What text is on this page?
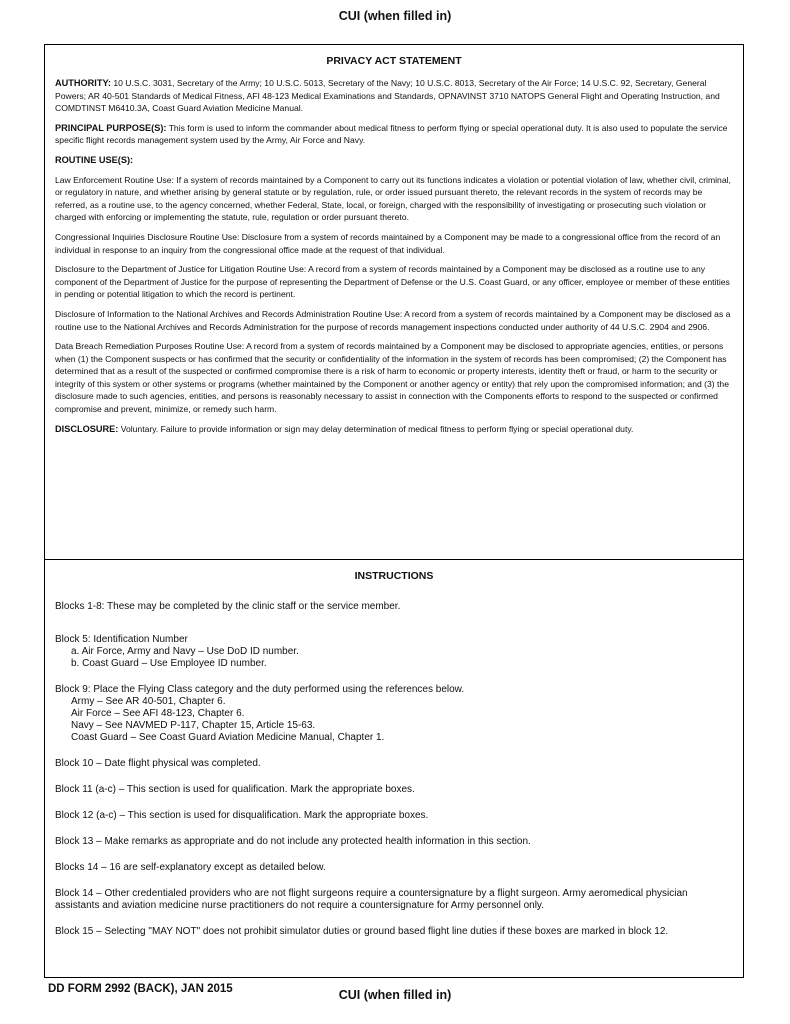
CUI (when filled in)
PRIVACY ACT STATEMENT

AUTHORITY: 10 U.S.C. 3031, Secretary of the Army; 10 U.S.C. 5013, Secretary of the Navy; 10 U.S.C. 8013, Secretary of the Air Force; 14 U.S.C. 92, Secretary, General Powers; AR 40-501 Standards of Medical Fitness, AFI 48-123 Medical Examinations and Standards, OPNAVINST 3710 NATOPS General Flight and Operating Instruction, and COMDTINST M6410.3A, Coast Guard Aviation Medicine Manual.

PRINCIPAL PURPOSE(S): This form is used to inform the commander about medical fitness to perform flying or special operational duty. It is also used to populate the service specific flight records management system used by the Army, Air Force and Navy.

ROUTINE USE(S):

Law Enforcement Routine Use: If a system of records maintained by a Component to carry out its functions indicates a violation or potential violation of law, whether civil, criminal, or regulatory in nature, and whether arising by general statute or by regulation, rule, or order issued pursuant thereto, the relevant records in the system of records may be referred, as a routine use, to the agency concerned, whether Federal, State, local, or foreign, charged with the responsibility of investigating or prosecuting such violation or charged with enforcing or implementing the statute, rule, regulation or order pursuant thereto.

Congressional Inquiries Disclosure Routine Use: Disclosure from a system of records maintained by a Component may be made to a congressional office from the record of an individual in response to an inquiry from the congressional office made at the request of that individual.

Disclosure to the Department of Justice for Litigation Routine Use: A record from a system of records maintained by a Component may be disclosed as a routine use to any component of the Department of Justice for the purpose of representing the Department of Defense or the U.S. Coast Guard, or any officer, employee or member of these entities in pending or potential litigation to which the record is pertinent.

Disclosure of Information to the National Archives and Records Administration Routine Use: A record from a system of records maintained by a Component may be disclosed as a routine use to the National Archives and Records Administration for the purpose of records management inspections conducted under authority of 44 U.S.C. 2904 and 2906.

Data Breach Remediation Purposes Routine Use: A record from a system of records maintained by a Component may be disclosed to appropriate agencies, entities, or persons when (1) the Component suspects or has confirmed that the security or confidentiality of the information in the system of records has been compromised; (2) the Component has determined that as a result of the suspected or confirmed compromise there is a risk of harm to economic or property interests, identity theft or fraud, or harm to the security or integrity of this system or other systems or programs (whether maintained by the Component or another agency or entity) that rely upon the compromised information; and (3) the disclosure made to such agencies, entities, and persons is reasonably necessary to assist in connection with the Components efforts to respond to the suspected or confirmed compromise and prevent, minimize, or remedy such harm.

DISCLOSURE: Voluntary. Failure to provide information or sign may delay determination of medical fitness to perform flying or special operational duty.

INSTRUCTIONS
Blocks 1-8: These may be completed by the clinic staff or the service member.
Block 5: Identification Number
a. Air Force, Army and Navy – Use DoD ID number.
b. Coast Guard – Use Employee ID number.
Block 9: Place the Flying Class category and the duty performed using the references below.
Army – See AR 40-501, Chapter 6.
Air Force – See AFI 48-123, Chapter 6.
Navy – See NAVMED P-117, Chapter 15, Article 15-63.
Coast Guard – See Coast Guard Aviation Medicine Manual, Chapter 1.
Block 10 – Date flight physical was completed.
Block 11 (a-c) – This section is used for qualification. Mark the appropriate boxes.
Block 12 (a-c) – This section is used for disqualification. Mark the appropriate boxes.
Block 13 – Make remarks as appropriate and do not include any protected health information in this section.
Blocks 14 – 16 are self-explanatory except as detailed below.
Block 14 – Other credentialed providers who are not flight surgeons require a countersignature by a flight surgeon. Army aeromedical physician assistants and aviation medicine nurse practitioners do not require a countersignature for Army personnel only.
Block 15 – Selecting "MAY NOT" does not prohibit simulator duties or ground based flight line duties if these boxes are marked in block 12.
DD FORM 2992 (BACK), JAN 2015	CUI (when filled in)
